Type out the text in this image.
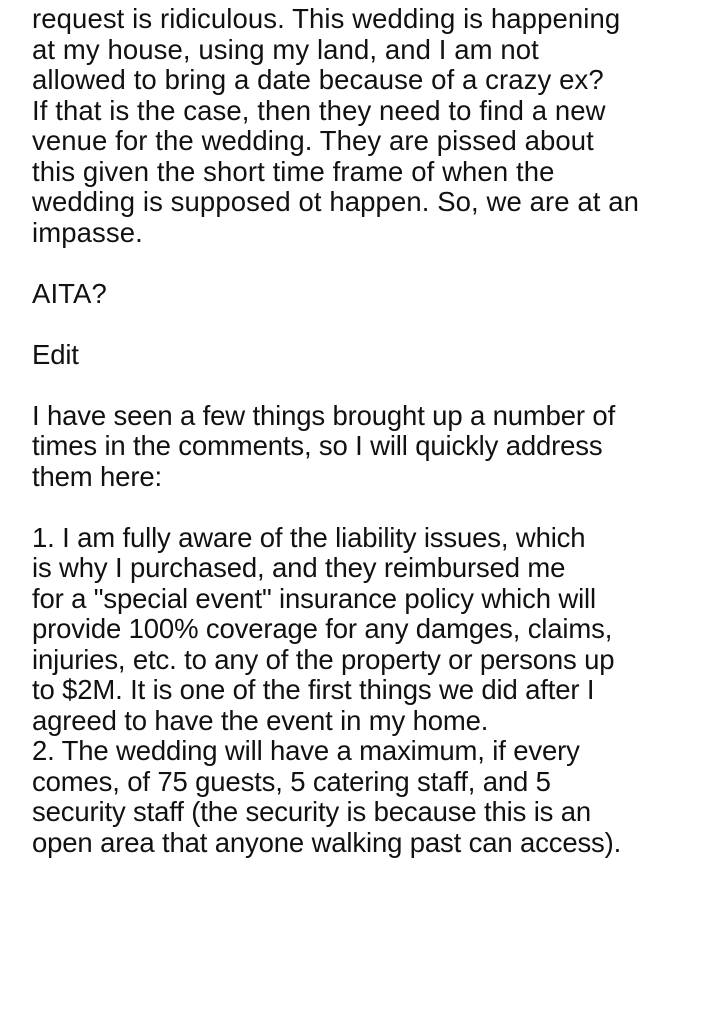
request is ridiculous. This wedding is happening
at my house, using my land, and I am not
allowed to bring a date because of a crazy ex?
If that is the case, then they need to find a new
venue for the wedding. They are pissed about
this given the short time frame of when the
wedding is supposed ot happen. So, we are at an
impasse.
AITA?
Edit
I have seen a few things brought up a number of
times in the comments, so I will quickly address
them here:
1. I am fully aware of the liability issues, which
is why I purchased, and they reimbursed me
for a "special event" insurance policy which will
provide 100% coverage for any damges, claims,
injuries, etc. to any of the property or persons up
to $2M. It is one of the first things we did after I
agreed to have the event in my home.
2. The wedding will have a maximum, if every
comes, of 75 guests, 5 catering staff, and 5
security staff (the security is because this is an
open area that anyone walking past can access).
